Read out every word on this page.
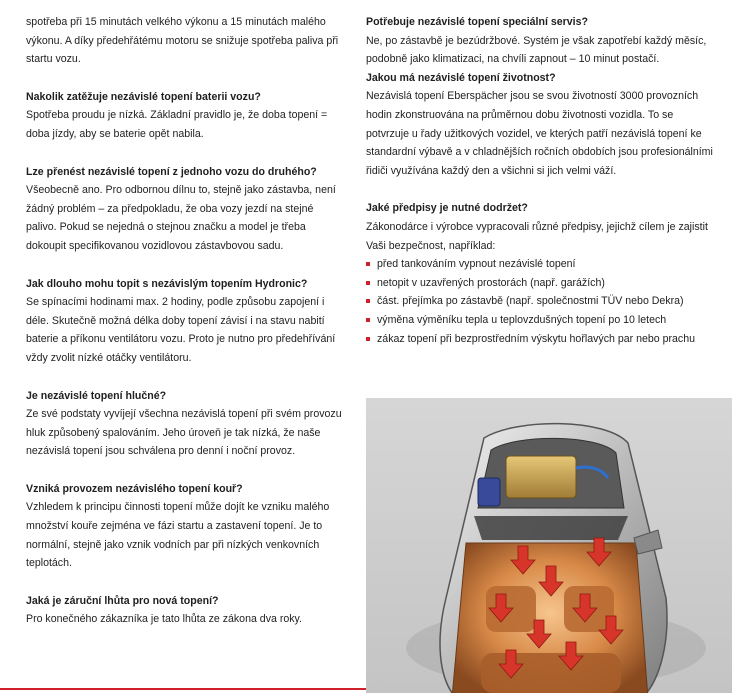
spotřeba při 15 minutách velkého výkonu a 15 minutách malého výkonu. A díky předehřátému motoru se snižuje spotřeba paliva při startu vozu.

Nakolik zatěžuje nezávislé topení baterii vozu?

Spotřeba proudu je nízká. Základní pravidlo je, že doba topení = doba jízdy, aby se baterie opět nabila.

Lze přenést nezávislé topení z jednoho vozu do druhého?

Všeobecně ano. Pro odbornou dílnu to, stejně jako zástavba, není žádný problém – za předpokladu, že oba vozy jezdí na stejné palivo. Pokud se nejedná o stejnou značku a model je třeba dokoupit specifikovanou vozidlovou zástavbovou sadu.

Jak dlouho mohu topit s nezávislým topením Hydronic?

Se spínacími hodinami max. 2 hodiny, podle způsobu zapojení i déle. Skutečně možná délka doby topení závisí i na stavu nabití baterie a příkonu ventilátoru vozu. Proto je nutno pro předehřívání vždy zvolit nízké otáčky ventilátoru.

Je nezávislé topení hlučné?

Ze své podstaty vyvíjejí všechna nezávislá topení při svém provozu hluk způsobený spalováním. Jeho úroveň je tak nízká, že naše nezávislá topení jsou schválena pro denní i noční provoz.

Vzniká provozem nezávislého topení kouř?

Vzhledem k principu činnosti topení může dojít ke vzniku malého množství kouře zejména ve fázi startu a zastavení topení. Je to normální, stejně jako vznik vodních par při nízkých venkovních teplotách.

Jaká je záruční lhůta pro nová topení?

Pro konečného zákazníka je tato lhůta ze zákona dva roky.

Potřebuje nezávislé topení speciální servis?

Ne, po zástavbě je bezúdržbové. Systém je však zapotřebí každý měsíc, podobně jako klimatizaci, na chvíli zapnout – 10 minut postačí.

Jakou má nezávislé topení životnost?

Nezávislá topení Eberspächer jsou se svou životností 3000 provozních hodin zkonstruována na průměrnou dobu životnosti vozidla. To se potvrzuje u řady užitkových vozidel, ve kterých patří nezávislá topení ke standardní výbavě a v chladnějších ročních obdobích jsou profesionálními řidiči využívána každý den a všichni si jich velmi váží.

Jaké předpisy je nutné dodržet?

Zákonodárce i výrobce vypracovali různé předpisy, jejichž cílem je zajistit Vaši bezpečnost, například:

před tankováním vypnout nezávislé topení
netopit v uzavřených prostorách (např. garážích)
část. přejímka po zástavbě (např. společnostmi TÜV nebo Dekra)
výměna výměníku tepla u teplovzdušných topení po 10 letech
zákaz topení při bezprostředním výskytu hořlavých par nebo prachu
